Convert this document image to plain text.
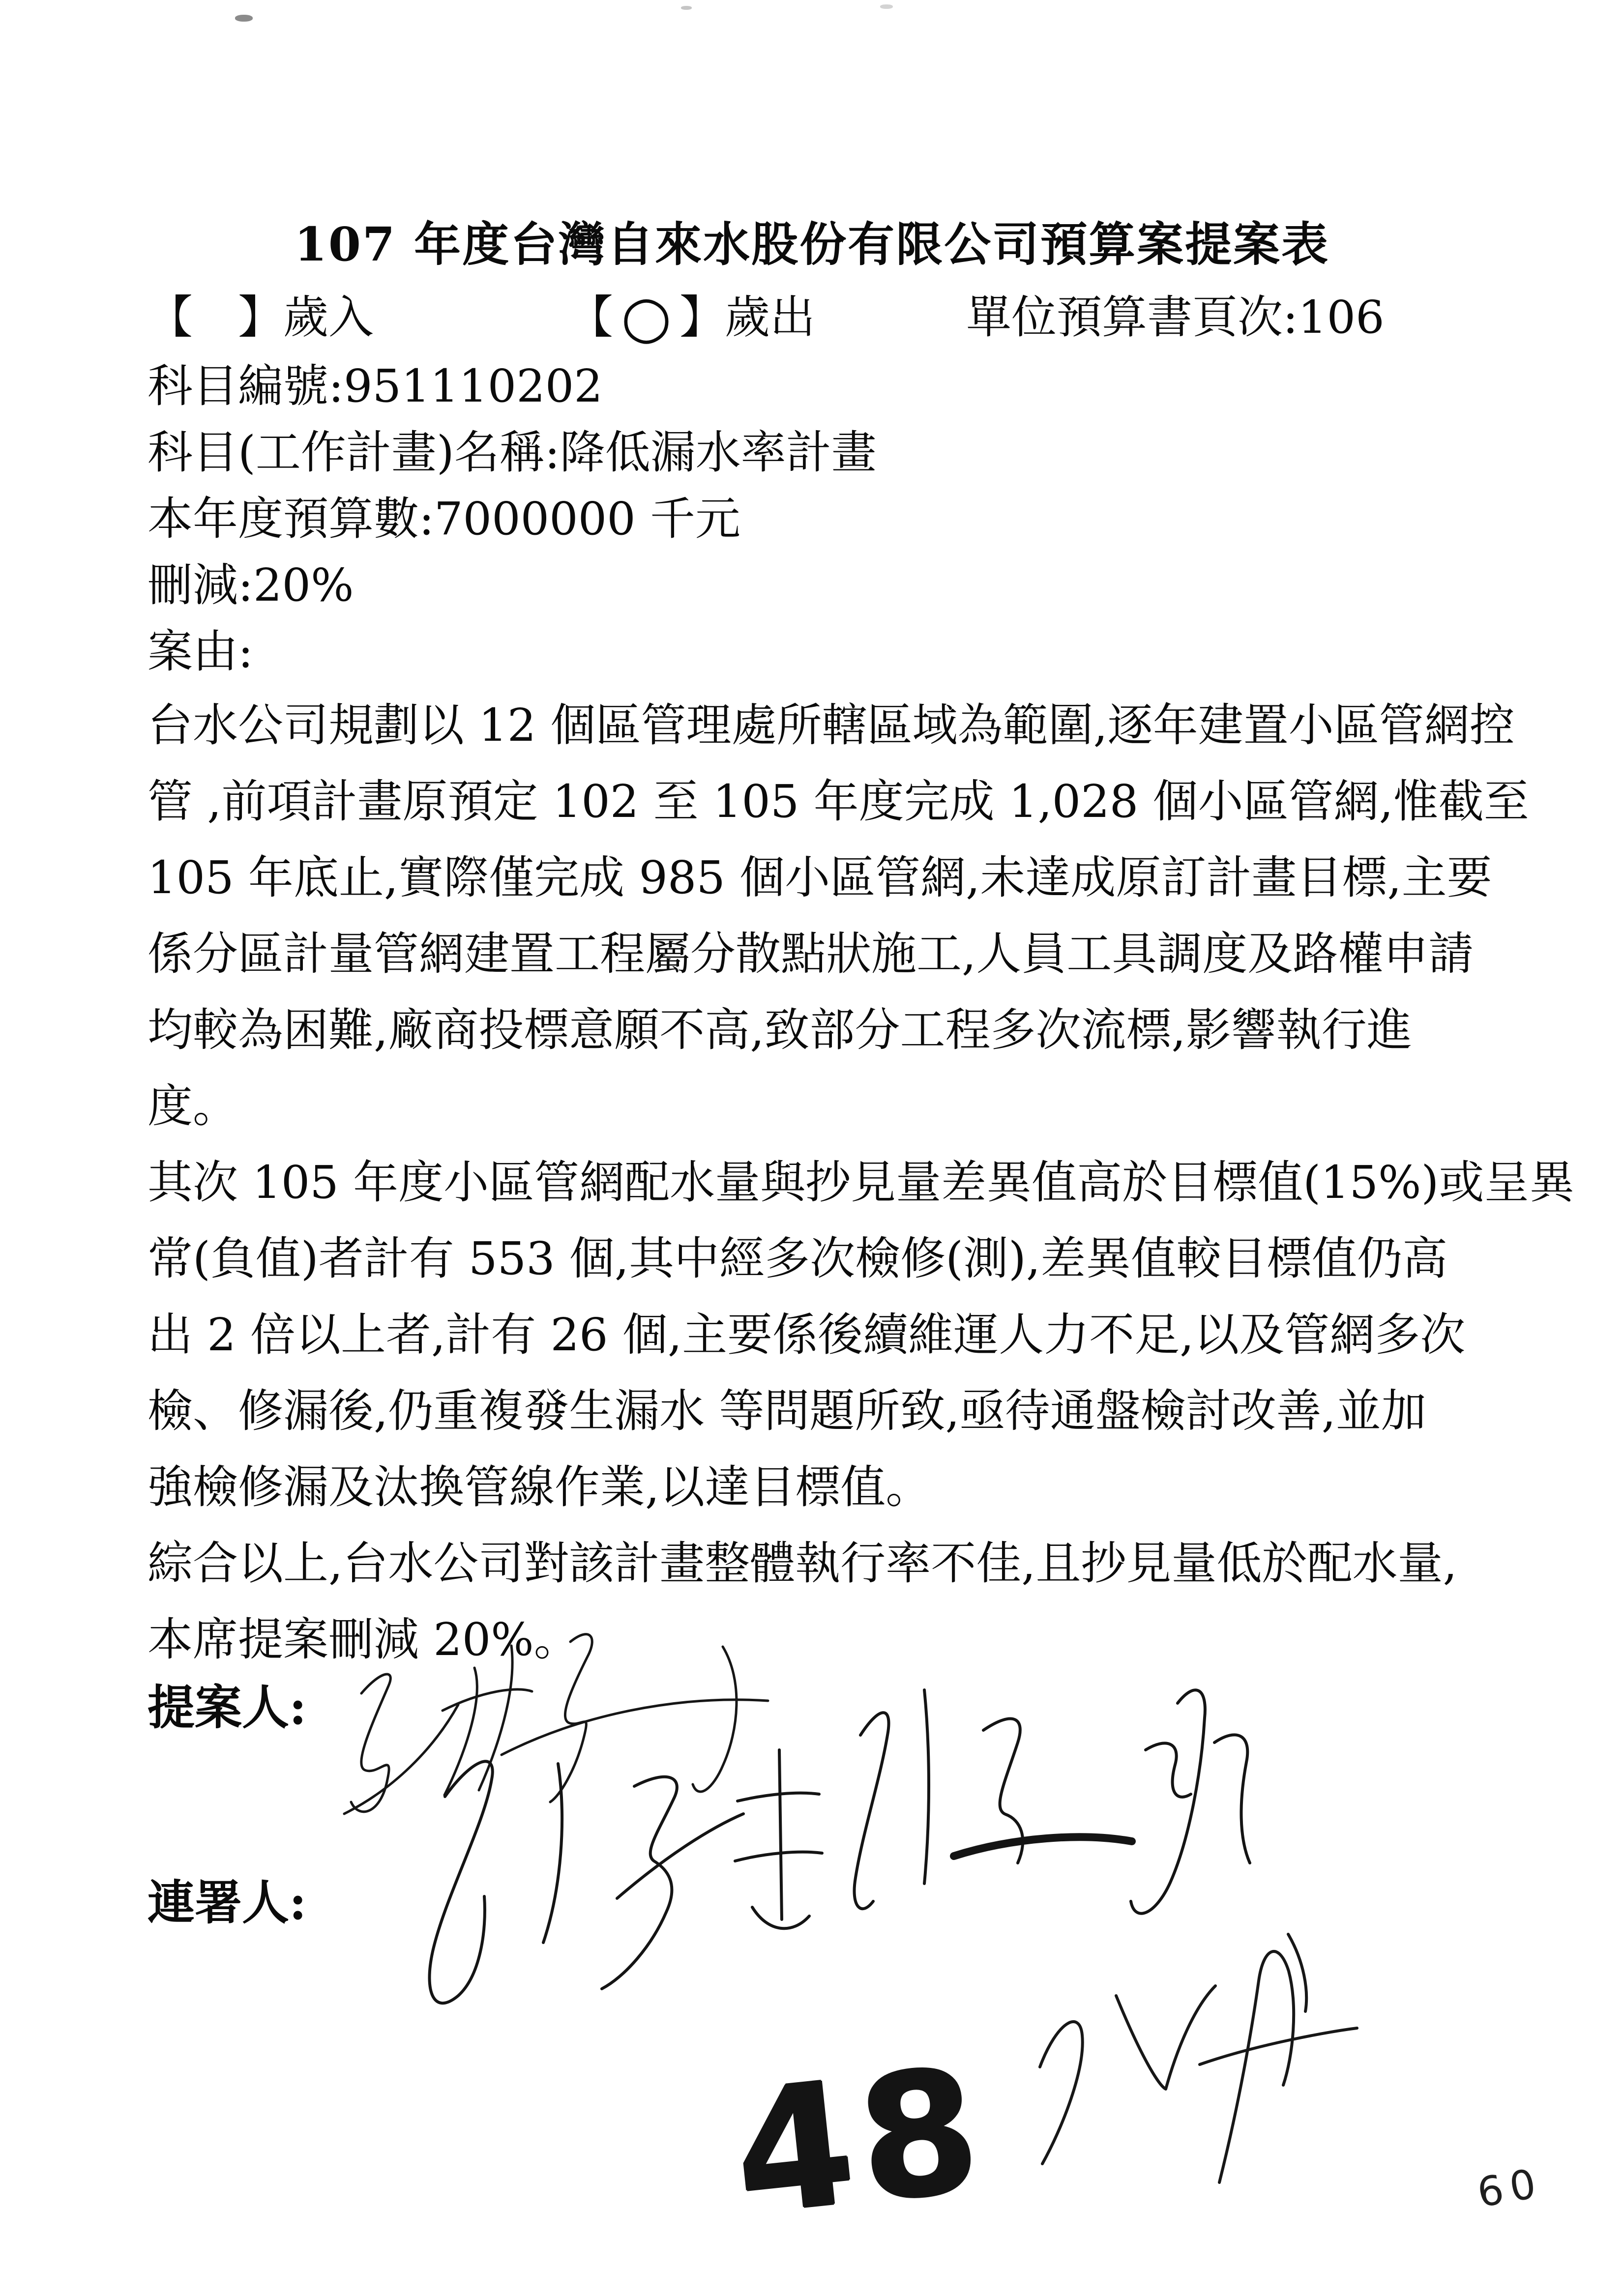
107 年度台灣自來水股份有限公司預算案提案表
【　】歲入	【 ○ 】歲出	單位預算書頁次:106
科目編號:951110202
科目(工作計畫)名稱:降低漏水率計畫
本年度預算數:7000000 千元
刪減:20%
案由:
台水公司規劃以 12 個區管理處所轄區域為範圍,逐年建置小區管網控
管 ,前項計畫原預定 102 至 105 年度完成 1,028 個小區管網,惟截至
105 年底止,實際僅完成 985 個小區管網,未達成原訂計畫目標,主要
係分區計量管網建置工程屬分散點狀施工,人員工具調度及路權申請
均較為困難,廠商投標意願不高,致部分工程多次流標,影響執行進
度。
其次 105 年度小區管網配水量與抄見量差異值高於目標值(15%)或呈異
常(負值)者計有 553 個,其中經多次檢修(測),差異值較目標值仍高
出 2 倍以上者,計有 26 個,主要係後續維運人力不足,以及管網多次
檢、修漏後,仍重複發生漏水 等問題所致,亟待通盤檢討改善,並加
強檢修漏及汰換管線作業,以達目標值。
綜合以上,台水公司對該計畫整體執行率不佳,且抄見量低於配水量,
本席提案刪減 20%。
提案人:
連署人:
48	60
